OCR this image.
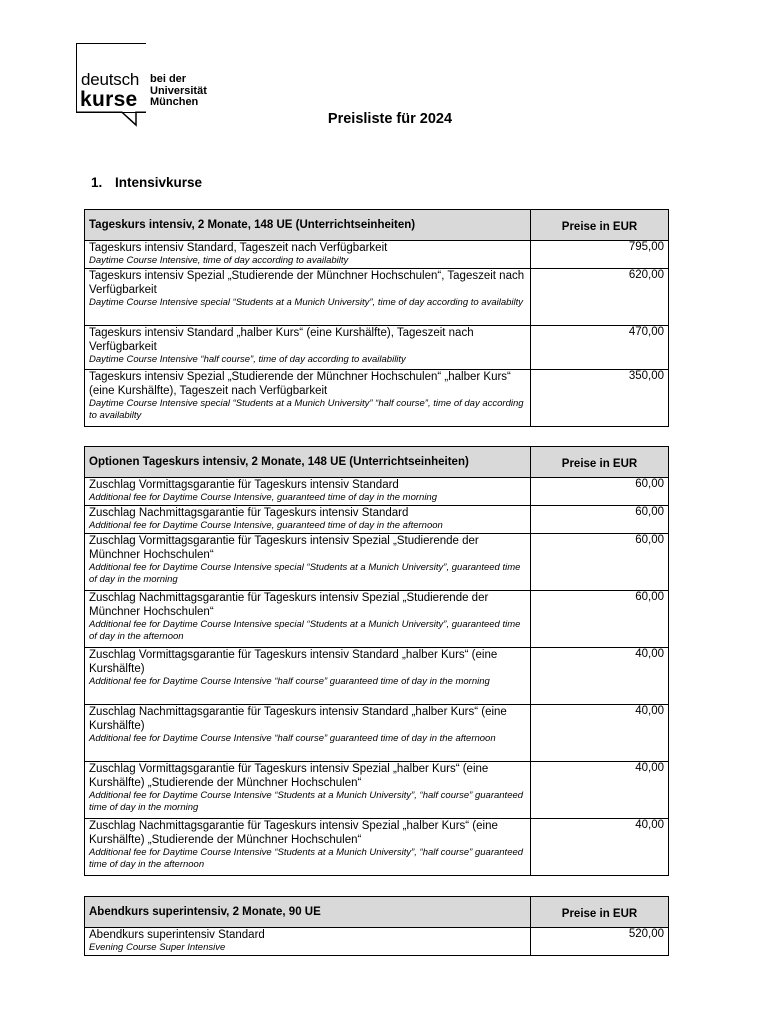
deutsch
kurse
bei der
Universität
München
Preisliste für 2024
1. Intensivkurse
Tageskurs intensiv, 2 Monate, 148 UE (Unterrichtseinheiten)	Preise in EUR

Tageskurs intensiv Standard, Tageszeit nach Verfügbarkeit
Daytime Course Intensive, time of day according to availabilty	795,00

Tageskurs intensiv Spezial „Studierende der Münchner Hochschulen“, Tageszeit nach Verfügbarkeit
Daytime Course Intensive special “Students at a Munich University”, time of day according to availabilty	620,00

Tageskurs intensiv Standard „halber Kurs“ (eine Kurshälfte), Tageszeit nach Verfügbarkeit
Daytime Course Intensive “half course”, time of day according to availability	470,00

Tageskurs intensiv Spezial „Studierende der Münchner Hochschulen“ „halber Kurs“ (eine Kurshälfte), Tageszeit nach Verfügbarkeit
Daytime Course Intensive special “Students at a Munich University” “half course”, time of day according to availabilty	350,00
Optionen Tageskurs intensiv, 2 Monate, 148 UE (Unterrichtseinheiten)	Preise in EUR

Zuschlag Vormittagsgarantie für Tageskurs intensiv Standard
Additional fee for Daytime Course Intensive, guaranteed time of day in the morning	60,00

Zuschlag Nachmittagsgarantie für Tageskurs intensiv Standard
Additional fee for Daytime Course Intensive, guaranteed time of day in the afternoon	60,00

Zuschlag Vormittagsgarantie für Tageskurs intensiv Spezial „Studierende der Münchner Hochschulen“
Additional fee for Daytime Course Intensive special “Students at a Munich University”, guaranteed time of day in the morning	60,00

Zuschlag Nachmittagsgarantie für Tageskurs intensiv Spezial „Studierende der Münchner Hochschulen“
Additional fee for Daytime Course Intensive special “Students at a Munich University”, guaranteed time of day in the afternoon	60,00

Zuschlag Vormittagsgarantie für Tageskurs intensiv Standard „halber Kurs“ (eine Kurshälfte)
Additional fee for Daytime Course Intensive “half course” guaranteed time of day in the morning	40,00

Zuschlag Nachmittagsgarantie für Tageskurs intensiv Standard „halber Kurs“ (eine Kurshälfte)
Additional fee for Daytime Course Intensive “half course” guaranteed time of day in the afternoon	40,00

Zuschlag Vormittagsgarantie für Tageskurs intensiv Spezial „halber Kurs“ (eine Kurshälfte) „Studierende der Münchner Hochschulen“
Additional fee for Daytime Course Intensive “Students at a Munich University”, “half course” guaranteed time of day in the morning	40,00

Zuschlag Nachmittagsgarantie für Tageskurs intensiv Spezial „halber Kurs“ (eine Kurshälfte) „Studierende der Münchner Hochschulen“
Additional fee for Daytime Course Intensive “Students at a Munich University”, “half course” guaranteed time of day in the afternoon	40,00
Abendkurs superintensiv, 2 Monate, 90 UE	Preise in EUR

Abendkurs superintensiv Standard
Evening Course Super Intensive	520,00
